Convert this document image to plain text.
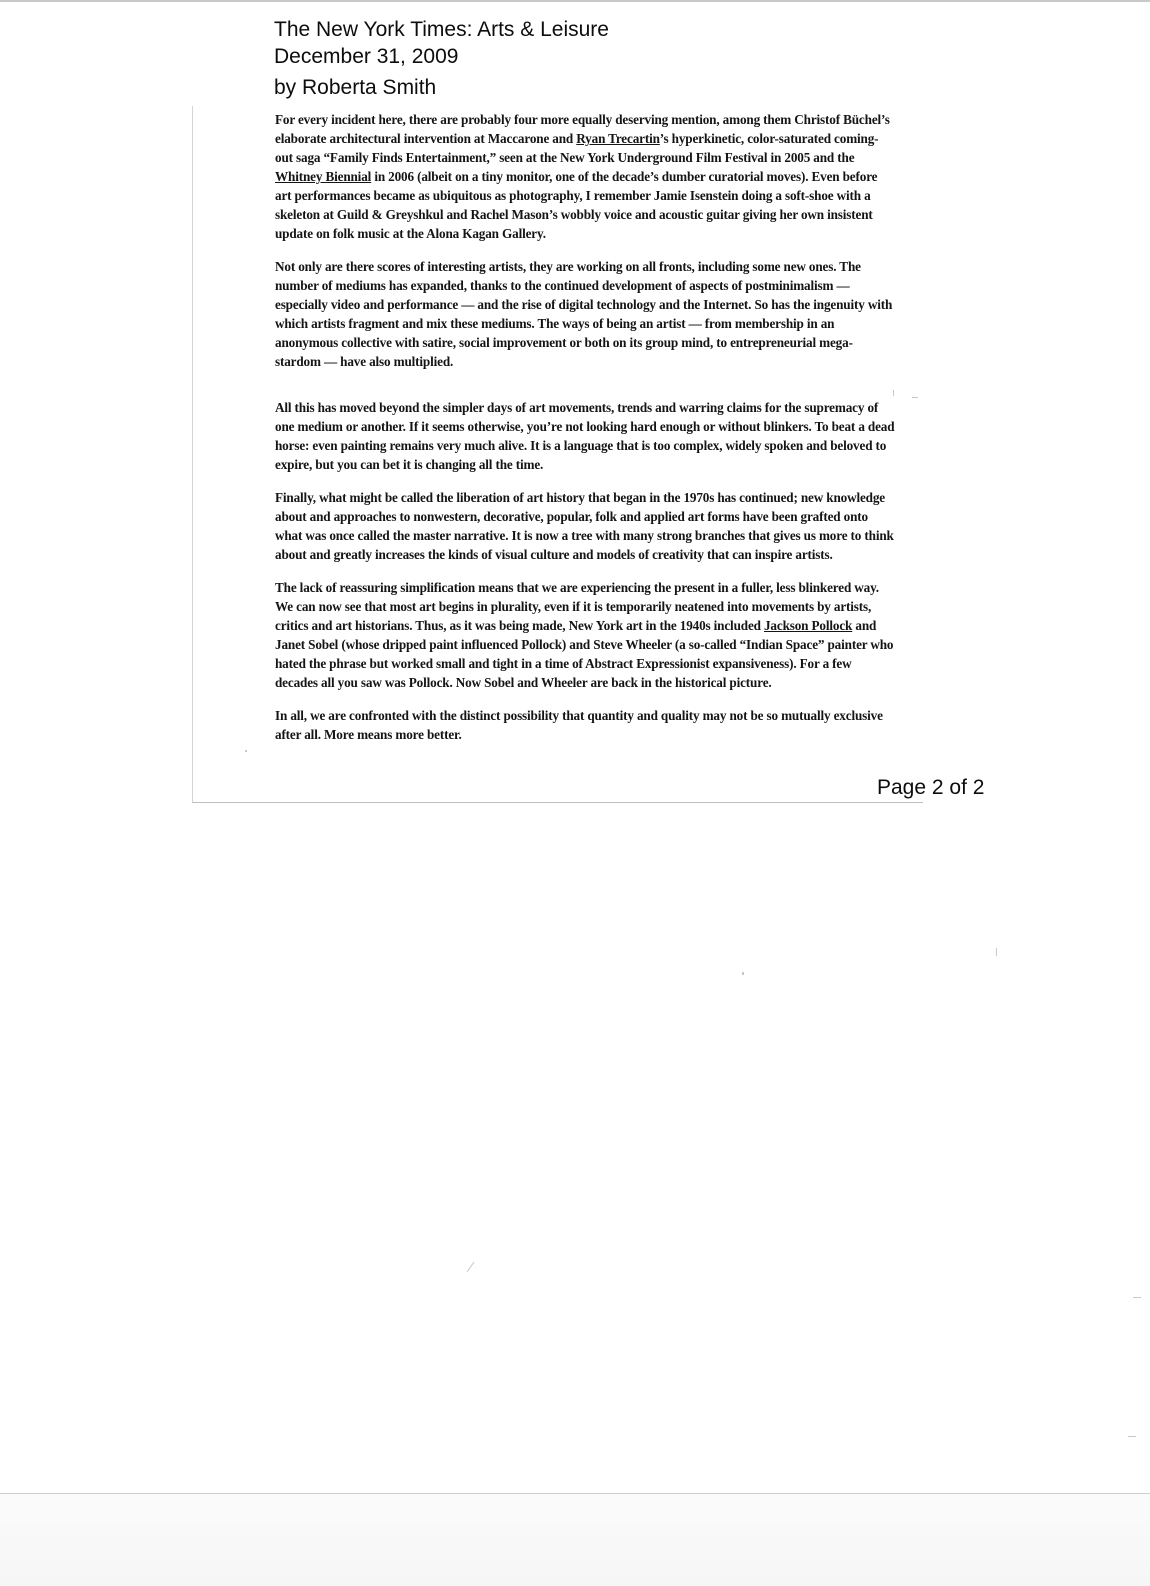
The New York Times: Arts & Leisure
December 31, 2009
by Roberta Smith

For every incident here, there are probably four more equally deserving mention, among them Christof Büchel’s elaborate architectural intervention at Maccarone and Ryan Trecartin’s hyperkinetic, color-saturated coming-out saga “Family Finds Entertainment,” seen at the New York Underground Film Festival in 2005 and the Whitney Biennial in 2006 (albeit on a tiny monitor, one of the decade’s dumber curatorial moves). Even before art performances became as ubiquitous as photography, I remember Jamie Isenstein doing a soft-shoe with a skeleton at Guild & Greyshkul and Rachel Mason’s wobbly voice and acoustic guitar giving her own insistent update on folk music at the Alona Kagan Gallery.

Not only are there scores of interesting artists, they are working on all fronts, including some new ones. The number of mediums has expanded, thanks to the continued development of aspects of postminimalism — especially video and performance — and the rise of digital technology and the Internet. So has the ingenuity with which artists fragment and mix these mediums. The ways of being an artist — from membership in an anonymous collective with satire, social improvement or both on its group mind, to entrepreneurial mega-stardom — have also multiplied.

All this has moved beyond the simpler days of art movements, trends and warring claims for the supremacy of one medium or another. If it seems otherwise, you’re not looking hard enough or without blinkers. To beat a dead horse: even painting remains very much alive. It is a language that is too complex, widely spoken and beloved to expire, but you can bet it is changing all the time.

Finally, what might be called the liberation of art history that began in the 1970s has continued; new knowledge about and approaches to nonwestern, decorative, popular, folk and applied art forms have been grafted onto what was once called the master narrative. It is now a tree with many strong branches that gives us more to think about and greatly increases the kinds of visual culture and models of creativity that can inspire artists.

The lack of reassuring simplification means that we are experiencing the present in a fuller, less blinkered way. We can now see that most art begins in plurality, even if it is temporarily neatened into movements by artists, critics and art historians. Thus, as it was being made, New York art in the 1940s included Jackson Pollock and Janet Sobel (whose dripped paint influenced Pollock) and Steve Wheeler (a so-called “Indian Space” painter who hated the phrase but worked small and tight in a time of Abstract Expressionist expansiveness). For a few decades all you saw was Pollock. Now Sobel and Wheeler are back in the historical picture.

In all, we are confronted with the distinct possibility that quantity and quality may not be so mutually exclusive after all. More means more better.

Page 2 of 2
